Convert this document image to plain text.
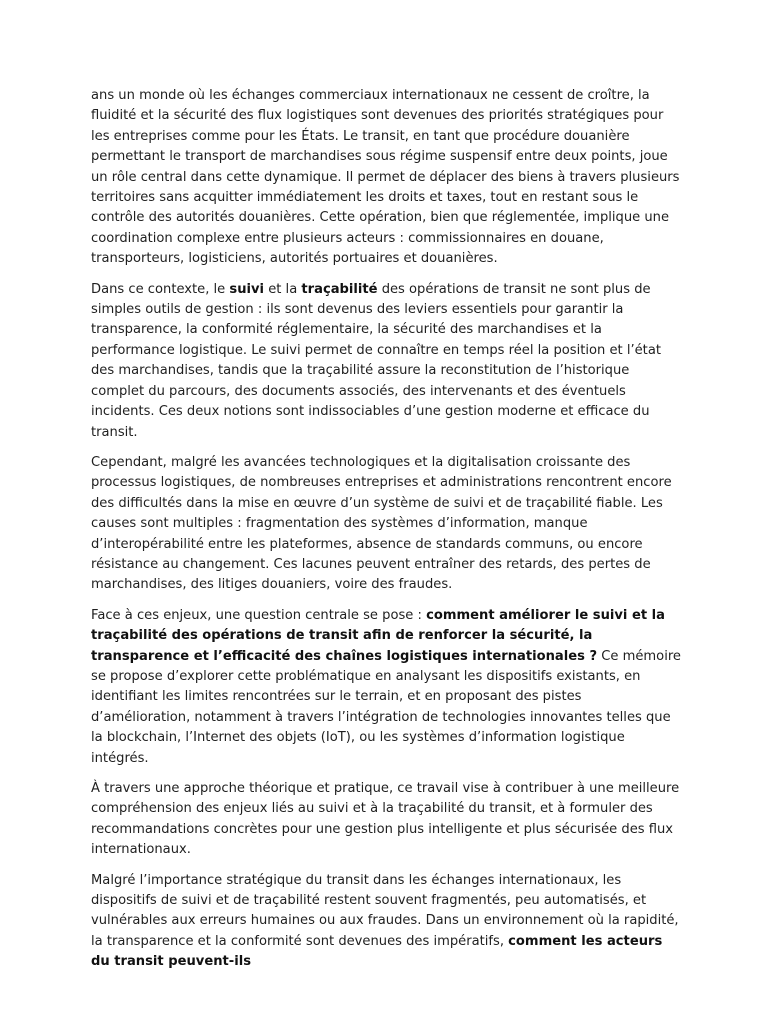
ans un monde où les échanges commerciaux internationaux ne cessent de croître, la fluidité et la sécurité des flux logistiques sont devenues des priorités stratégiques pour les entreprises comme pour les États. Le transit, en tant que procédure douanière permettant le transport de marchandises sous régime suspensif entre deux points, joue un rôle central dans cette dynamique. Il permet de déplacer des biens à travers plusieurs territoires sans acquitter immédiatement les droits et taxes, tout en restant sous le contrôle des autorités douanières. Cette opération, bien que réglementée, implique une coordination complexe entre plusieurs acteurs : commissionnaires en douane, transporteurs, logisticiens, autorités portuaires et douanières.

Dans ce contexte, le suivi et la traçabilité des opérations de transit ne sont plus de simples outils de gestion : ils sont devenus des leviers essentiels pour garantir la transparence, la conformité réglementaire, la sécurité des marchandises et la performance logistique. Le suivi permet de connaître en temps réel la position et l’état des marchandises, tandis que la traçabilité assure la reconstitution de l’historique complet du parcours, des documents associés, des intervenants et des éventuels incidents. Ces deux notions sont indissociables d’une gestion moderne et efficace du transit.

Cependant, malgré les avancées technologiques et la digitalisation croissante des processus logistiques, de nombreuses entreprises et administrations rencontrent encore des difficultés dans la mise en œuvre d’un système de suivi et de traçabilité fiable. Les causes sont multiples : fragmentation des systèmes d’information, manque d’interopérabilité entre les plateformes, absence de standards communs, ou encore résistance au changement. Ces lacunes peuvent entraîner des retards, des pertes de marchandises, des litiges douaniers, voire des fraudes.

Face à ces enjeux, une question centrale se pose : comment améliorer le suivi et la traçabilité des opérations de transit afin de renforcer la sécurité, la transparence et l’efficacité des chaînes logistiques internationales ? Ce mémoire se propose d’explorer cette problématique en analysant les dispositifs existants, en identifiant les limites rencontrées sur le terrain, et en proposant des pistes d’amélioration, notamment à travers l’intégration de technologies innovantes telles que la blockchain, l’Internet des objets (IoT), ou les systèmes d’information logistique intégrés.

À travers une approche théorique et pratique, ce travail vise à contribuer à une meilleure compréhension des enjeux liés au suivi et à la traçabilité du transit, et à formuler des recommandations concrètes pour une gestion plus intelligente et plus sécurisée des flux internationaux.

Malgré l’importance stratégique du transit dans les échanges internationaux, les dispositifs de suivi et de traçabilité restent souvent fragmentés, peu automatisés, et vulnérables aux erreurs humaines ou aux fraudes. Dans un environnement où la rapidité, la transparence et la conformité sont devenues des impératifs, comment les acteurs du transit peuvent-ils
